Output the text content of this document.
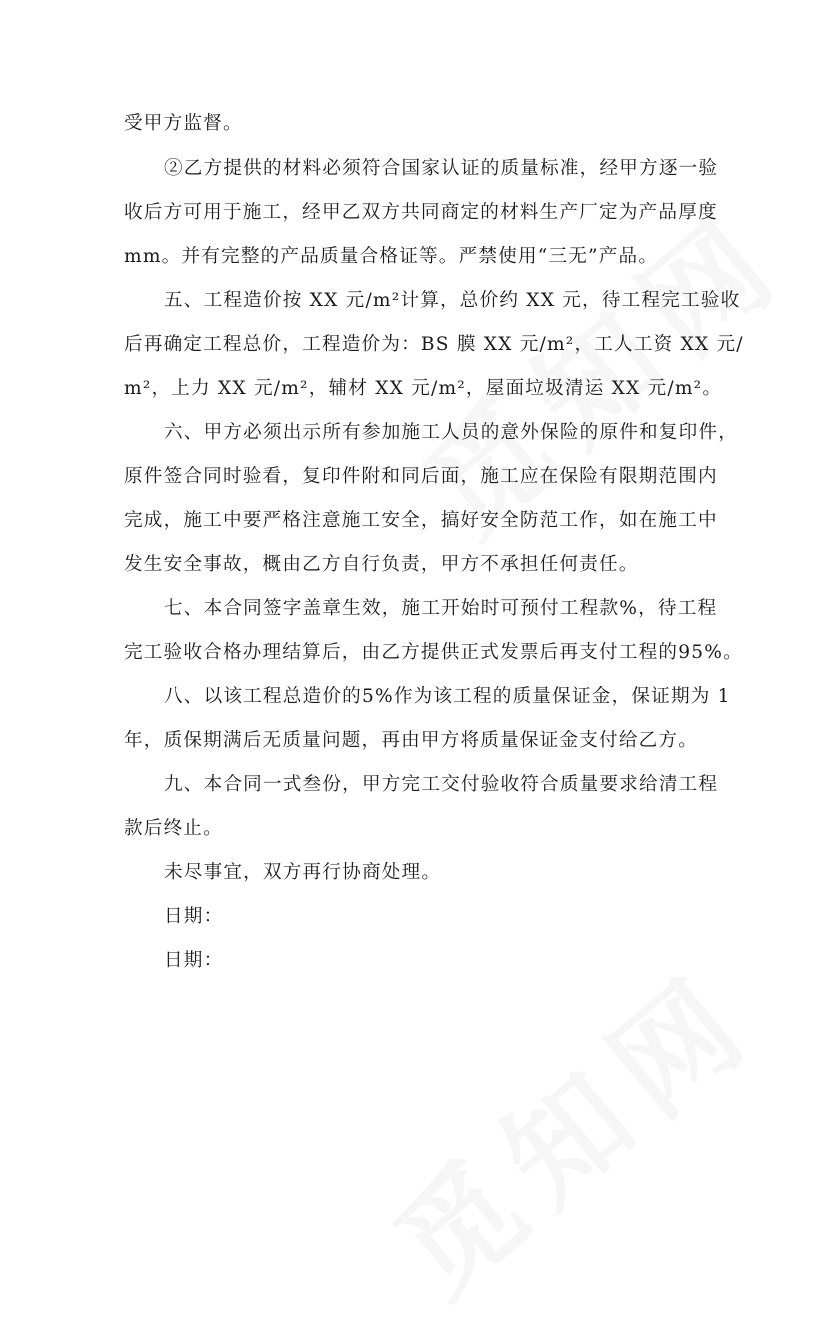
受甲方监督。
②乙方提供的材料必须符合国家认证的质量标准，经甲方逐一验
收后方可用于施工，经甲乙双方共同商定的材料生产厂定为产品厚度
mm。并有完整的产品质量合格证等。严禁使用“三无”产品。
五、工程造价按 XX 元/m²计算，总价约 XX 元，待工程完工验收
后再确定工程总价，工程造价为：BS 膜 XX 元/m²，工人工资 XX 元/
m²，上力 XX 元/m²，辅材 XX 元/m²，屋面垃圾清运 XX 元/m²。
六、甲方必须出示所有参加施工人员的意外保险的原件和复印件，
原件签合同时验看，复印件附和同后面，施工应在保险有限期范围内
完成，施工中要严格注意施工安全，搞好安全防范工作，如在施工中
发生安全事故，概由乙方自行负责，甲方不承担任何责任。
七、本合同签字盖章生效，施工开始时可预付工程款%，待工程
完工验收合格办理结算后，由乙方提供正式发票后再支付工程的95%。
八、以该工程总造价的5%作为该工程的质量保证金，保证期为 1
年，质保期满后无质量问题，再由甲方将质量保证金支付给乙方。
九、本合同一式叁份，甲方完工交付验收符合质量要求给清工程
款后终止。
未尽事宜，双方再行协商处理。
日期：
日期：
